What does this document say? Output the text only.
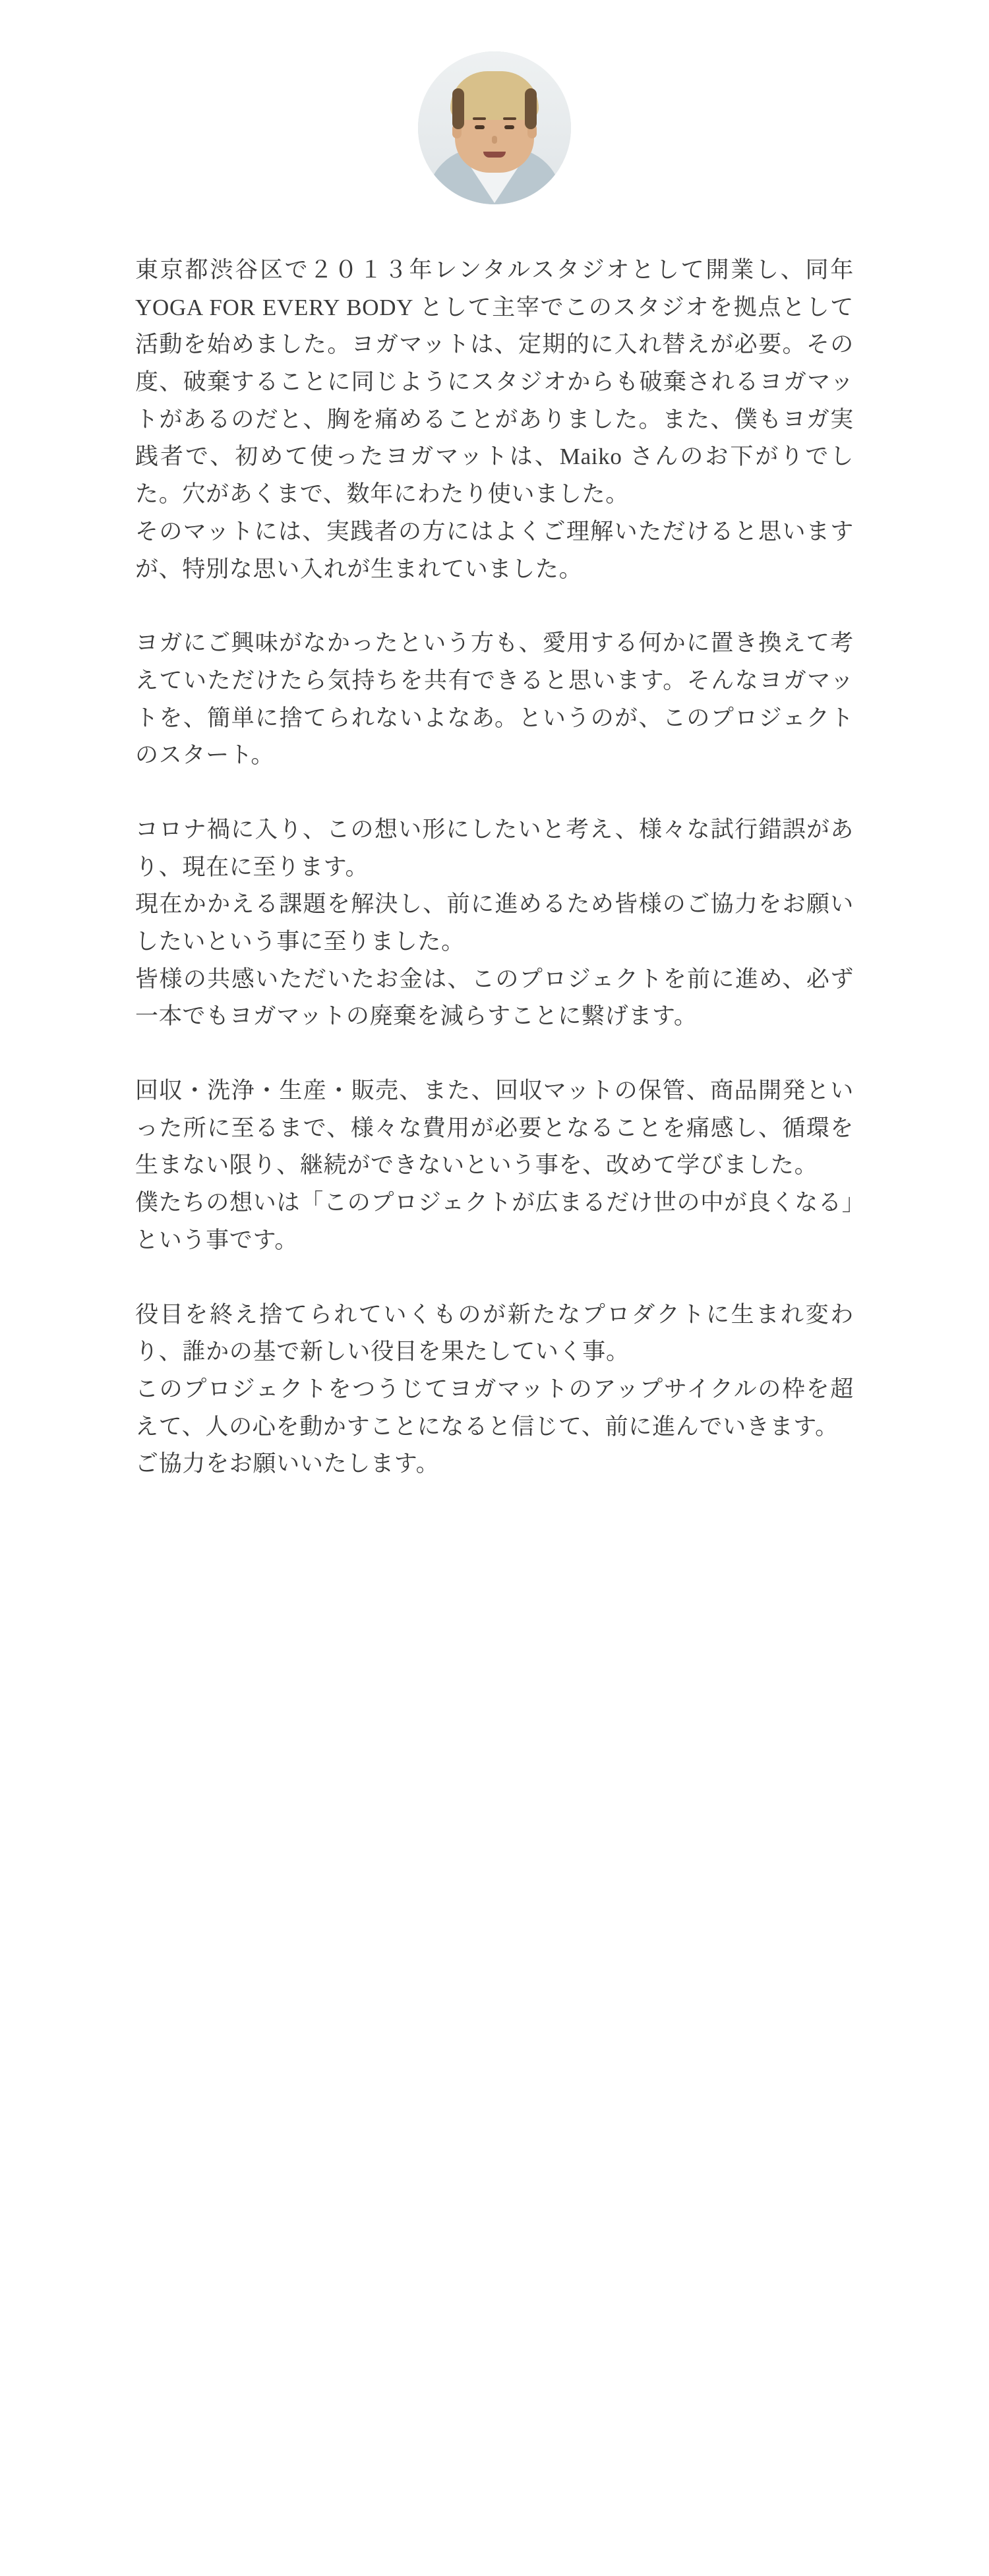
東京都渋谷区で２０１３年レンタルスタジオとして開業し、同年 YOGA FOR EVERY BODY として主宰でこのスタジオを拠点として活動を始めました。ヨガマットは、定期的に入れ替えが必要。その度、破棄することに同じようにスタジオからも破棄されるヨガマットがあるのだと、胸を痛めることがありました。また、僕もヨガ実践者で、初めて使ったヨガマットは、Maiko さんのお下がりでした。穴があくまで、数年にわたり使いました。

そのマットには、実践者の方にはよくご理解いただけると思いますが、特別な思い入れが生まれていました。

ヨガにご興味がなかったという方も、愛用する何かに置き換えて考えていただけたら気持ちを共有できると思います。そんなヨガマットを、簡単に捨てられないよなあ。というのが、このプロジェクトのスタート。

コロナ禍に入り、この想い形にしたいと考え、様々な試行錯誤があり、現在に至ります。

現在かかえる課題を解決し、前に進めるため皆様のご協力をお願いしたいという事に至りました。

皆様の共感いただいたお金は、このプロジェクトを前に進め、必ず一本でもヨガマットの廃棄を減らすことに繋げます。

回収・洗浄・生産・販売、また、回収マットの保管、商品開発といった所に至るまで、様々な費用が必要となることを痛感し、循環を生まない限り、継続ができないという事を、改めて学びました。

僕たちの想いは「このプロジェクトが広まるだけ世の中が良くなる」という事です。

役目を終え捨てられていくものが新たなプロダクトに生まれ変わり、誰かの基で新しい役目を果たしていく事。

このプロジェクトをつうじてヨガマットのアップサイクルの枠を超えて、人の心を動かすことになると信じて、前に進んでいきます。

ご協力をお願いいたします。
